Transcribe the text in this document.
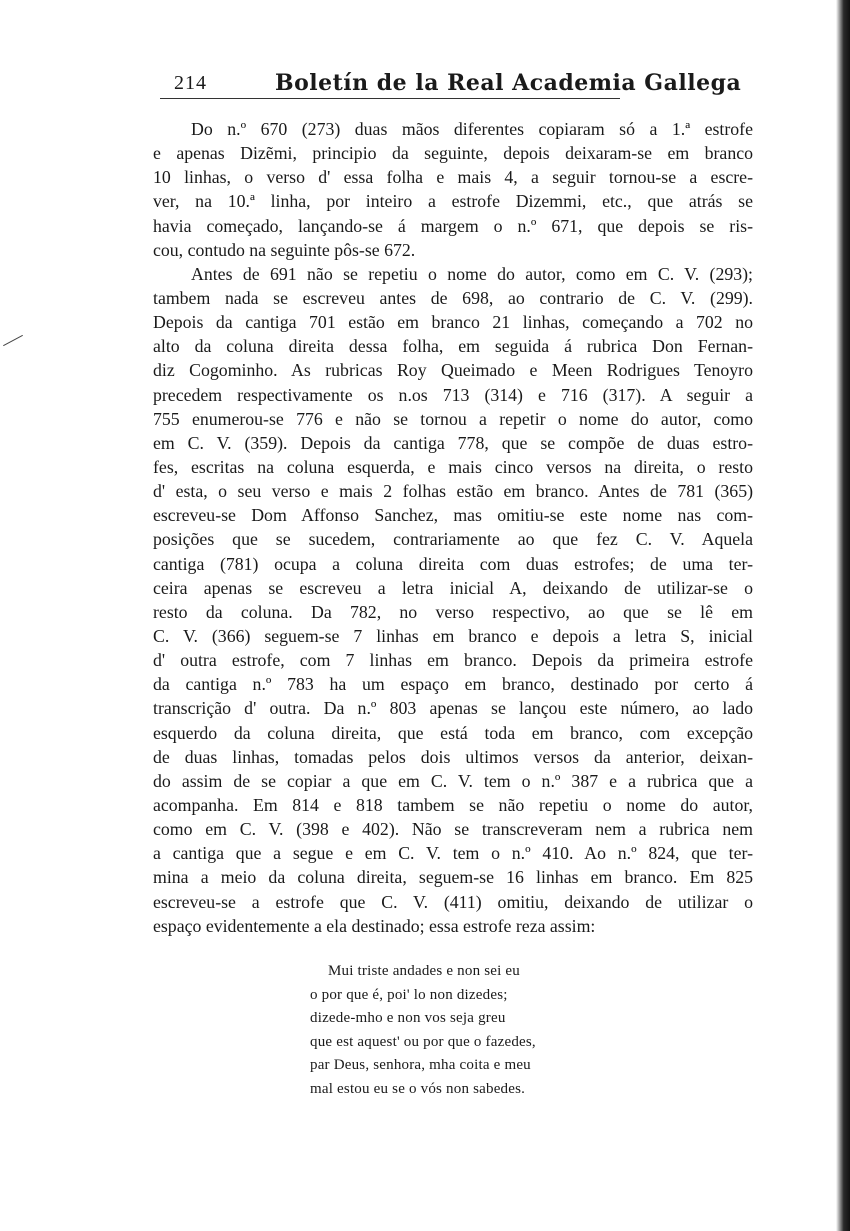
214	Boletín de la Real Academia Gallega
Do n.º 670 (273) duas mãos diferentes copiaram só a 1.ª estrofe
e apenas Dizẽmi, principio da seguinte, depois deixaram-se em branco
10 linhas, o verso d' essa folha e mais 4, a seguir tornou-se a escre-
ver, na 10.ª linha, por inteiro a estrofe Dizemmi, etc., que atrás se
havia começado, lançando-se á margem o n.º 671, que depois se ris-
cou, contudo na seguinte pôs-se 672.
Antes de 691 não se repetiu o nome do autor, como em C. V. (293);
tambem nada se escreveu antes de 698, ao contrario de C. V. (299).
Depois da cantiga 701 estão em branco 21 linhas, começando a 702 no
alto da coluna direita dessa folha, em seguida á rubrica Don Fernan-
diz Cogominho. As rubricas Roy Queimado e Meen Rodrigues Tenoyro
precedem respectivamente os n.os 713 (314) e 716 (317). A seguir a
755 enumerou-se 776 e não se tornou a repetir o nome do autor, como
em C. V. (359). Depois da cantiga 778, que se compõe de duas estro-
fes, escritas na coluna esquerda, e mais cinco versos na direita, o resto
d' esta, o seu verso e mais 2 folhas estão em branco. Antes de 781 (365)
escreveu-se Dom Affonso Sanchez, mas omitiu-se este nome nas com-
posições que se sucedem, contrariamente ao que fez C. V. Aquela
cantiga (781) ocupa a coluna direita com duas estrofes; de uma ter-
ceira apenas se escreveu a letra inicial A, deixando de utilizar-se o
resto da coluna. Da 782, no verso respectivo, ao que se lê em
C. V. (366) seguem-se 7 linhas em branco e depois a letra S, inicial
d' outra estrofe, com 7 linhas em branco. Depois da primeira estrofe
da cantiga n.º 783 ha um espaço em branco, destinado por certo á
transcrição d' outra. Da n.º 803 apenas se lançou este número, ao lado
esquerdo da coluna direita, que está toda em branco, com excepção
de duas linhas, tomadas pelos dois ultimos versos da anterior, deixan-
do assim de se copiar a que em C. V. tem o n.º 387 e a rubrica que a
acompanha. Em 814 e 818 tambem se não repetiu o nome do autor,
como em C. V. (398 e 402). Não se transcreveram nem a rubrica nem
a cantiga que a segue e em C. V. tem o n.º 410. Ao n.º 824, que ter-
mina a meio da coluna direita, seguem-se 16 linhas em branco. Em 825
escreveu-se a estrofe que C. V. (411) omitiu, deixando de utilizar o
espaço evidentemente a ela destinado; essa estrofe reza assim:
Mui triste andades e non sei eu
o por que é, poi' lo non dizedes;
dizede-mho e non vos seja greu
que est aquest' ou por que o fazedes,
par Deus, senhora, mha coita e meu
mal estou eu se o vós non sabedes.
